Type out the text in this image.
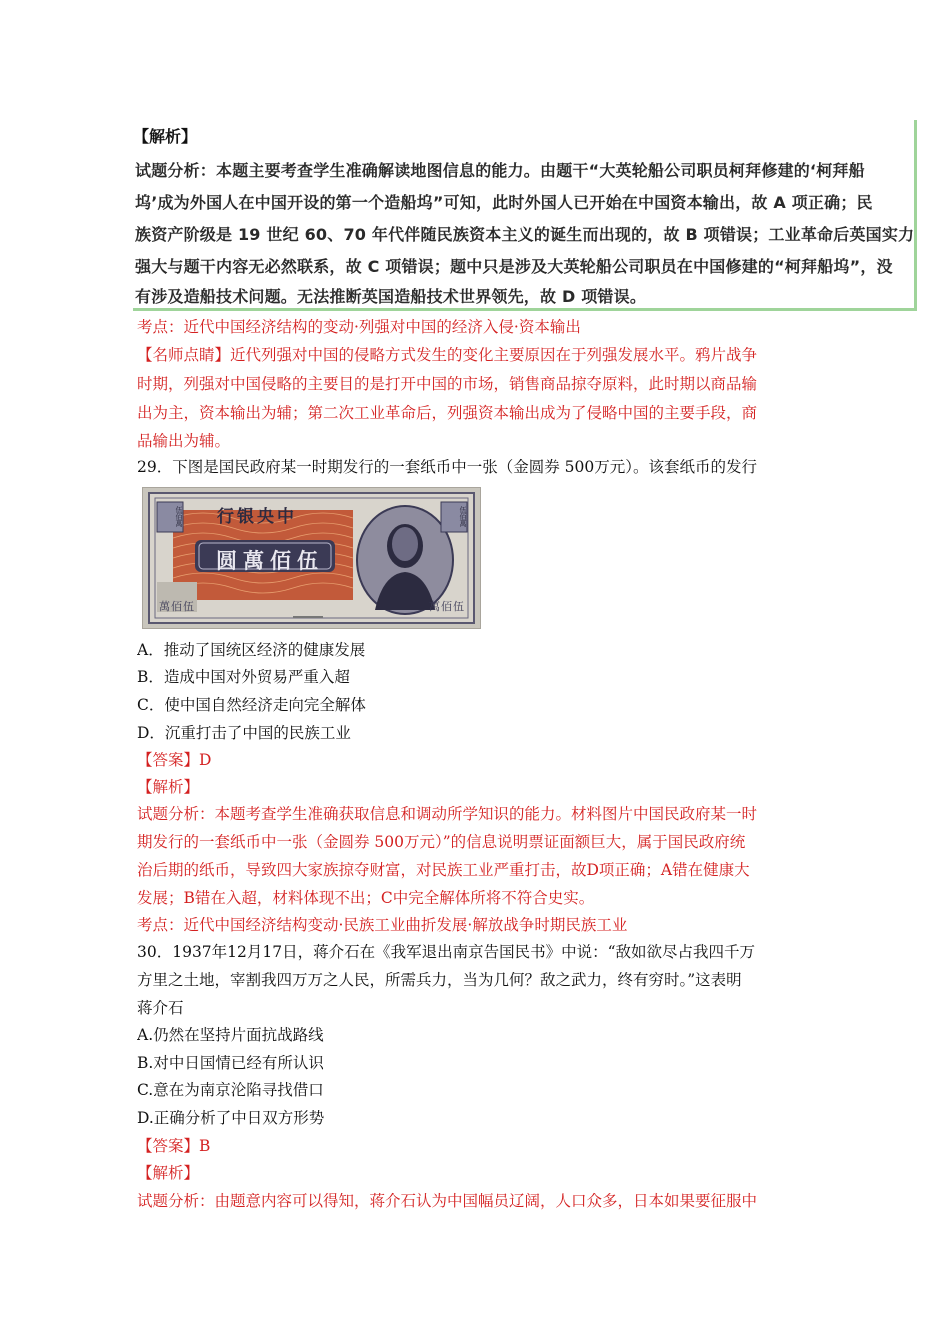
【解析】
试题分析：本题主要考查学生准确解读地图信息的能力。由题干“大英轮船公司职员柯拜修建的‘柯拜船
坞’成为外国人在中国开设的第一个造船坞”可知，此时外国人已开始在中国资本输出，故 A 项正确；民
族资产阶级是 19 世纪 60、70 年代伴随民族资本主义的诞生而出现的，故 B 项错误；工业革命后英国实力
强大与题干内容无必然联系，故 C 项错误；题中只是涉及大英轮船公司职员在中国修建的“柯拜船坞”，没
有涉及造船技术问题。无法推断英国造船技术世界领先，故 D 项错误。
考点：近代中国经济结构的变动·列强对中国的经济入侵·资本输出
【名师点睛】近代列强对中国的侵略方式发生的变化主要原因在于列强发展水平。鸦片战争
时期，列强对中国侵略的主要目的是打开中国的市场，销售商品掠夺原料，此时期以商品输
出为主，资本输出为辅；第二次工业革命后，列强资本输出成为了侵略中国的主要手段，商
品输出为辅。
29．下图是国民政府某一时期发行的一套纸币中一张（金圆券 500万元）。该套纸币的发行
行银央中
圆萬佰伍
伍佰萬	伍佰萬
萬佰伍	萬佰伍
A．推动了国统区经济的健康发展
B．造成中国对外贸易严重入超
C．使中国自然经济走向完全解体
D．沉重打击了中国的民族工业
【答案】D
【解析】
试题分析：本题考查学生准确获取信息和调动所学知识的能力。材料图片中国民政府某一时
期发行的一套纸币中一张（金圆券 500万元）”的信息说明票证面额巨大，属于国民政府统
治后期的纸币，导致四大家族掠夺财富，对民族工业严重打击，故D项正确；A错在健康大
发展；B错在入超，材料体现不出；C中完全解体所将不符合史实。
考点：近代中国经济结构变动·民族工业曲折发展·解放战争时期民族工业
30．1937年12月17日，蒋介石在《我军退出南京告国民书》中说：“敌如欲尽占我四千万
方里之土地，宰割我四万万之人民，所需兵力，当为几何？敌之武力，终有穷时。”这表明
蒋介石
A.仍然在坚持片面抗战路线
B.对中日国情已经有所认识
C.意在为南京沦陷寻找借口
D.正确分析了中日双方形势
【答案】B
【解析】
试题分析：由题意内容可以得知，蒋介石认为中国幅员辽阔，人口众多，日本如果要征服中
